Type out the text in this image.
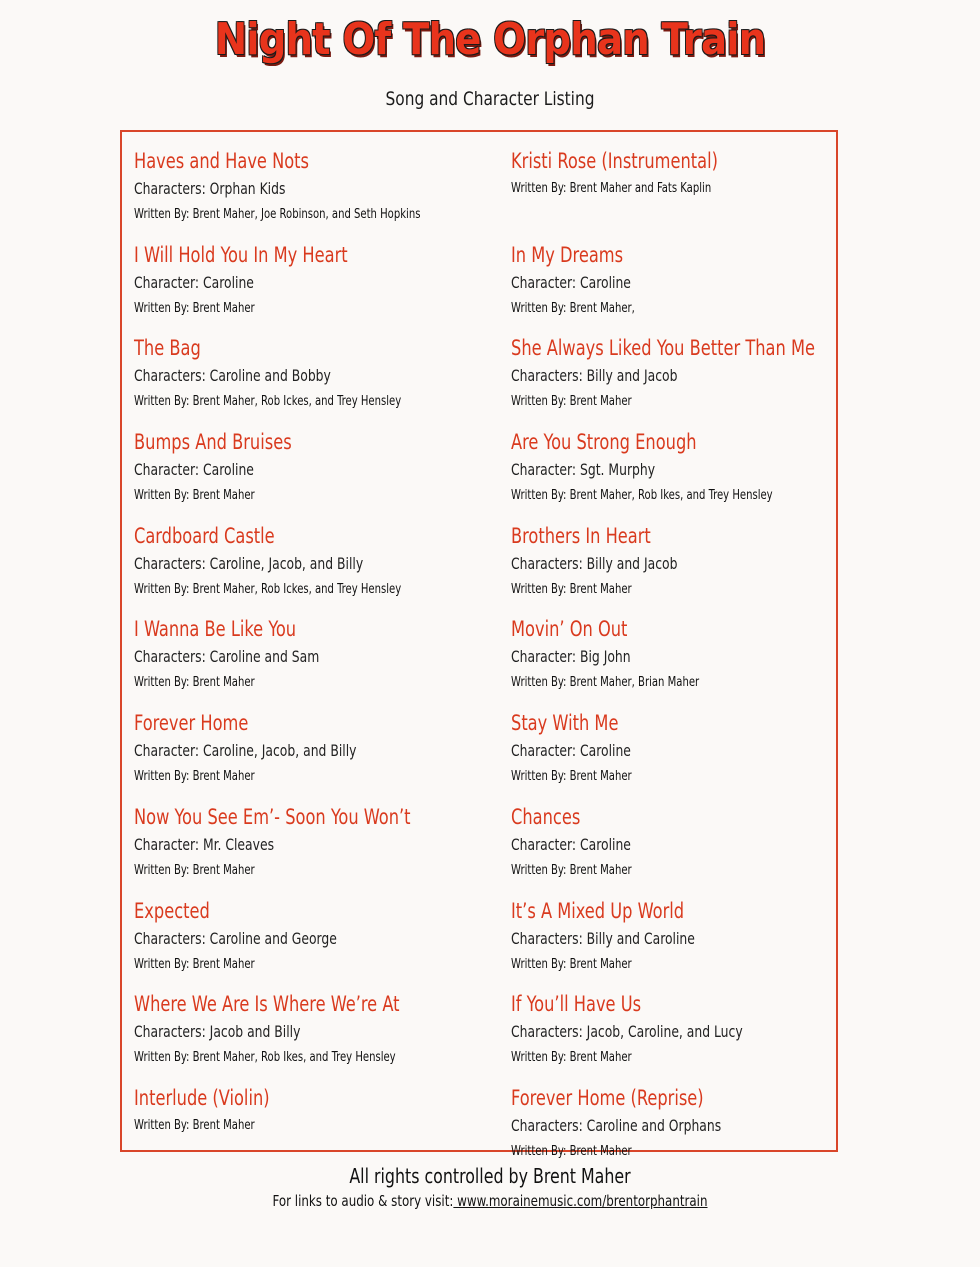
Night Of The Orphan Train
Song and Character Listing
Haves and Have Nots
Characters: Orphan Kids
Written By: Brent Maher, Joe Robinson, and Seth Hopkins
I Will Hold You In My Heart
Character: Caroline
Written By: Brent Maher
The Bag
Characters: Caroline and Bobby
Written By: Brent Maher, Rob Ickes, and Trey Hensley
Bumps And Bruises
Character: Caroline
Written By: Brent Maher
Cardboard Castle
Characters: Caroline, Jacob, and Billy
Written By: Brent Maher, Rob Ickes, and Trey Hensley
I Wanna Be Like You
Characters: Caroline and Sam
Written By: Brent Maher
Forever Home
Character: Caroline, Jacob, and Billy
Written By: Brent Maher
Now You See Em’- Soon You Won’t
Character: Mr. Cleaves
Written By: Brent Maher
Expected
Characters: Caroline and George
Written By: Brent Maher
Where We Are Is Where We’re At
Characters: Jacob and Billy
Written By: Brent Maher, Rob Ikes, and Trey Hensley
Interlude (Violin)
Written By: Brent Maher
Kristi Rose (Instrumental)
Written By: Brent Maher and Fats Kaplin
In My Dreams
Character: Caroline
Written By: Brent Maher,
She Always Liked You Better Than Me
Characters: Billy and Jacob
Written By: Brent Maher
Are You Strong Enough
Character: Sgt. Murphy
Written By: Brent Maher, Rob Ikes, and Trey Hensley
Brothers In Heart
Characters: Billy and Jacob
Written By: Brent Maher
Movin’ On Out
Character: Big John
Written By: Brent Maher, Brian Maher
Stay With Me
Character: Caroline
Written By: Brent Maher
Chances
Character: Caroline
Written By: Brent Maher
It’s A Mixed Up World
Characters: Billy and Caroline
Written By: Brent Maher
If You’ll Have Us
Characters: Jacob, Caroline, and Lucy
Written By: Brent Maher
Forever Home (Reprise)
Characters: Caroline and Orphans
Written By: Brent Maher
All rights controlled by Brent Maher
For links to audio & story visit: www.morainemusic.com/brentorphantrain
